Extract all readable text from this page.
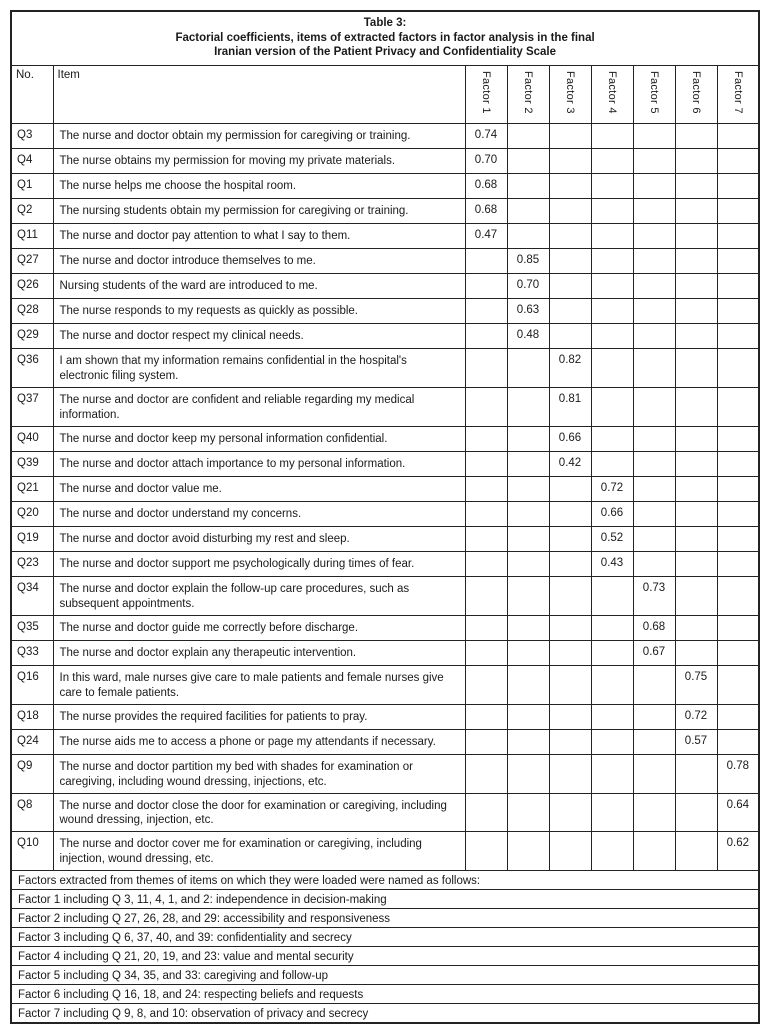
Table 3:
Factorial coefficients, items of extracted factors in factor analysis in the final
Iranian version of the Patient Privacy and Confidentiality Scale								

No.	Item	Factor 1	Factor 2	Factor 3	Factor 4	Factor 5	Factor 6	Factor 7
Q3	The nurse and doctor obtain my permission for caregiving or training.	0.74						
Q4	The nurse obtains my permission for moving my private materials.	0.70						
Q1	The nurse helps me choose the hospital room.	0.68						
Q2	The nursing students obtain my permission for caregiving or training.	0.68						
Q11	The nurse and doctor pay attention to what I say to them.	0.47						
Q27	The nurse and doctor introduce themselves to me.		0.85					
Q26	Nursing students of the ward are introduced to me.		0.70					
Q28	The nurse responds to my requests as quickly as possible.		0.63					
Q29	The nurse and doctor respect my clinical needs.		0.48					
Q36	I am shown that my information remains confidential in the hospital's electronic filing system.			0.82				
Q37	The nurse and doctor are confident and reliable regarding my medical information.			0.81				
Q40	The nurse and doctor keep my personal information confidential.			0.66				
Q39	The nurse and doctor attach importance to my personal information.			0.42				
Q21	The nurse and doctor value me.				0.72			
Q20	The nurse and doctor understand my concerns.				0.66			
Q19	The nurse and doctor avoid disturbing my rest and sleep.				0.52			
Q23	The nurse and doctor support me psychologically during times of fear.				0.43			
Q34	The nurse and doctor explain the follow-up care procedures, such as subsequent appointments.					0.73		
Q35	The nurse and doctor guide me correctly before discharge.					0.68		
Q33	The nurse and doctor explain any therapeutic intervention.					0.67		
Q16	In this ward, male nurses give care to male patients and female nurses give care to female patients.						0.75	
Q18	The nurse provides the required facilities for patients to pray.						0.72	
Q24	The nurse aids me to access a phone or page my attendants if necessary.						0.57	
Q9	The nurse and doctor partition my bed with shades for examination or caregiving, including wound dressing, injections, etc.							0.78
Q8	The nurse and doctor close the door for examination or caregiving, including wound dressing, injection, etc.							0.64
Q10	The nurse and doctor cover me for examination or caregiving, including injection, wound dressing, etc.							0.62
Factors extracted from themes of items on which they were loaded were named as follows:								
Factor 1 including Q 3, 11, 4, 1, and 2: independence in decision-making								
Factor 2 including Q 27, 26, 28, and 29: accessibility and responsiveness								
Factor 3 including Q 6, 37, 40, and 39: confidentiality and secrecy								
Factor 4 including Q 21, 20, 19, and 23: value and mental security								
Factor 5 including Q 34, 35, and 33: caregiving and follow-up								
Factor 6 including Q 16, 18, and 24: respecting beliefs and requests								
Factor 7 including Q 9, 8, and 10: observation of privacy and secrecy								
